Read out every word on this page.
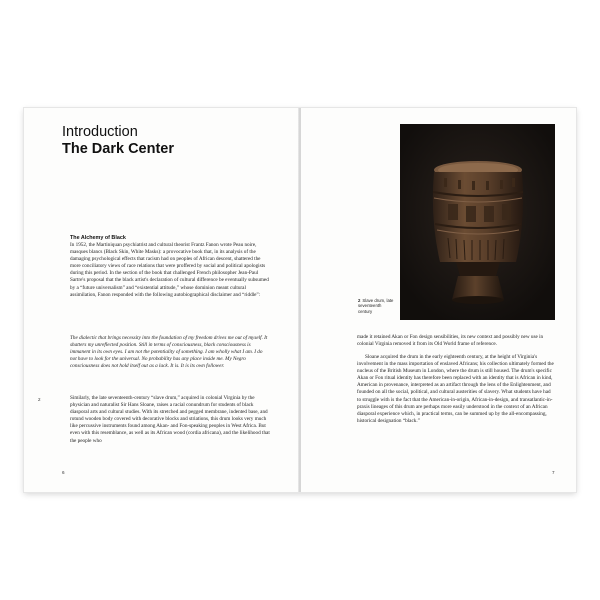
Introduction
The Dark Center
The Alchemy of Black

In 1952, the Martiniquan psychiatrist and cultural theorist Frantz Fanon wrote Peau noire, masques blancs (Black Skin, White Masks): a provocative book that, in its analysis of the damaging psychological effects that racism had on peoples of African descent, shattered the more conciliatory views of race relations that were proffered by social and political apologists during this period. In the section of the book that challenged French philosopher Jean-Paul Sartre's proposal that the black artist's declaration of cultural difference be eventually subsumed by a “future universalism” and “existential attitude,” whose dominion meant cultural assimilation, Fanon responded with the following autobiographical disclaimer and “riddle”:

The dialectic that brings necessity into the foundation of my freedom drives me out of myself. It shatters my unreflected position. Still in terms of consciousness, black consciousness is immanent in its own eyes. I am not the potentiality of something. I am wholly what I am. I do not have to look for the universal. No probability has any place inside me. My Negro consciousness does not hold itself out as a lack. It is. It is its own follower.

2	Similarly, the late seventeenth-century “slave drum,” acquired in colonial Virginia by the physician and naturalist Sir Hans Sloane, raises a racial conundrum for students of black diasporal arts and cultural studies. With its stretched and pegged membrane, indented base, and rotund wooden body covered with decorative blocks and striations, this drum looks very much like percussive instruments found among Akan- and Fon-speaking peoples in West Africa. But even with this resemblance, as well as its African wood (cordia africana), and the likelihood that the people who

6
2 Slave drum, late seventeenth century

made it retained Akan or Fon design sensibilities, its new context and possibly new use in colonial Virginia removed it from its Old World frame of reference.

Sloane acquired the drum in the early eighteenth century, at the height of Virginia's involvement in the mass importation of enslaved Africans; his collection ultimately formed the nucleus of the British Museum in London, where the drum is still housed. The drum's specific Akan or Fon ritual identity has therefore been replaced with an identity that is African in kind, American in provenance, interpreted as an artifact through the lens of the Enlightenment, and founded on all the social, political, and cultural austerities of slavery. What students have had to struggle with is the fact that the American-in-origin, African-in-design, and transatlantic-in-praxis lineages of this drum are perhaps more easily understood in the context of an African diasporal experience which, in practical terms, can be summed up by the all-encompassing, historical designation “black.”

7
